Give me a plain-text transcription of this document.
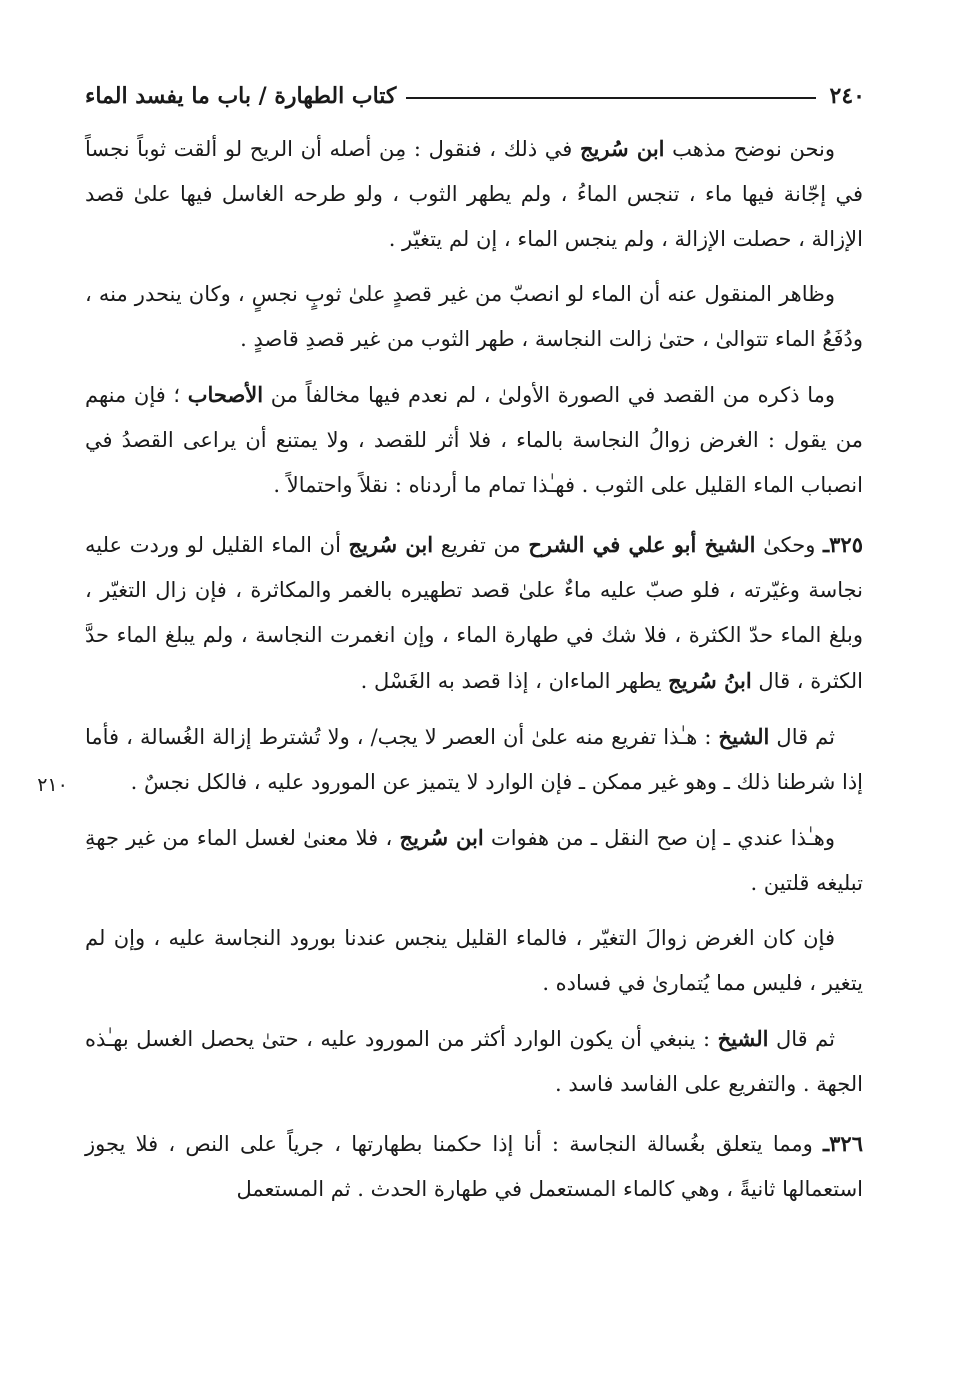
٢٤٠
كتاب الطهارة / باب ما يفسد الماء
٢١٠

ونحن نوضح مذهب ابن سُريج في ذلك ، فنقول : مِن أصله أن الريح لو ألقت ثوباً نجساً في إجّانة فيها ماء ، تنجس الماءُ ، ولم يطهر الثوب ، ولو طرحه الغاسل فيها علىٰ قصد الإزالة ، حصلت الإزالة ، ولم ينجس الماء ، إن لم يتغيّر .

وظاهر المنقول عنه أن الماء لو انصبّ من غير قصدٍ علىٰ ثوبٍ نجسٍ ، وكان ينحدر منه ، ودُفَعُ الماء تتوالىٰ ، حتىٰ زالت النجاسة ، طهر الثوب من غير قصدِ قاصدٍ .

وما ذكره من القصد في الصورة الأولىٰ ، لم نعدم فيها مخالفاً من الأصحاب ؛ فإن منهم من يقول : الغرض زوالُ النجاسة بالماء ، فلا أثر للقصد ، ولا يمتنع أن يراعى القصدُ في انصباب الماء القليل على الثوب . فهـٰذا تمام ما أردناه : نقلاً واحتمالاً .

٣٢٥ـ وحكىٰ الشيخ أبو علي في الشرح من تفريع ابن سُريج أن الماء القليل لو وردت عليه نجاسة وغيّرته ، فلو صبّ عليه ماءٌ علىٰ قصد تطهيره بالغمر والمكاثرة ، فإن زال التغيّر ، وبلغ الماء حدّ الكثرة ، فلا شك في طهارة الماء ، وإن انغمرت النجاسة ، ولم يبلغ الماء حدَّ الكثرة ، قال ابنُ سُريج يطهر الماءان ، إذا قصد به الغَسْل .

ثم قال الشيخ : هـٰذا تفريع منه علىٰ أن العصر لا يجب/ ، ولا تُشترط إزالة الغُسالة ، فأما إذا شرطنا ذلك ـ وهو غير ممكن ـ فإن الوارد لا يتميز عن المورود عليه ، فالكل نجسٌ .

وهـٰذا عندي ـ إن صح النقل ـ من هفوات ابن سُريج ، فلا معنىٰ لغسل الماء من غير جهةِ تبليغه قلتين .

فإن كان الغرض زوالَ التغيّر ، فالماء القليل ينجس عندنا بورود النجاسة عليه ، وإن لم يتغير ، فليس مما يُتمارىٰ في فساده .

ثم قال الشيخ : ينبغي أن يكون الوارد أكثر من المورود عليه ، حتىٰ يحصل الغسل بهـٰذه الجهة . والتفريع على الفاسد فاسد .

٣٢٦ـ ومما يتعلق بغُسالة النجاسة : أنا إذا حكمنا بطهارتها ، جرياً على النص ، فلا يجوز استعمالها ثانيةً ، وهي كالماء المستعمل في طهارة الحدث . ثم المستعمل
